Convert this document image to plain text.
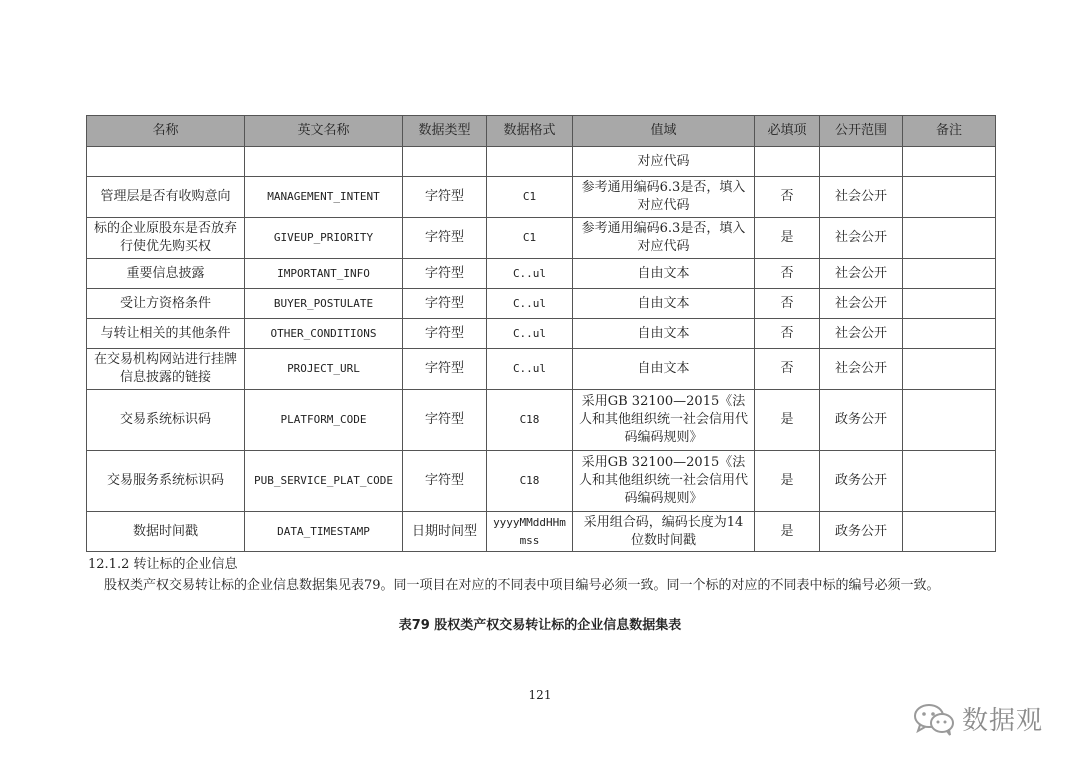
名称	英文名称	数据类型	数据格式	值域	必填项	公开范围	备注
				对应代码			
管理层是否有收购意向	MANAGEMENT_INTENT	字符型	C1	参考通用编码6.3是否，填入对应代码	否	社会公开	
标的企业原股东是否放弃行使优先购买权	GIVEUP_PRIORITY	字符型	C1	参考通用编码6.3是否，填入对应代码	是	社会公开	
重要信息披露	IMPORTANT_INFO	字符型	C..ul	自由文本	否	社会公开	
受让方资格条件	BUYER_POSTULATE	字符型	C..ul	自由文本	否	社会公开	
与转让相关的其他条件	OTHER_CONDITIONS	字符型	C..ul	自由文本	否	社会公开	
在交易机构网站进行挂牌信息披露的链接	PROJECT_URL	字符型	C..ul	自由文本	否	社会公开	
交易系统标识码	PLATFORM_CODE	字符型	C18	采用GB 32100—2015《法人和其他组织统一社会信用代码编码规则》	是	政务公开	
交易服务系统标识码	PUB_SERVICE_PLAT_CODE	字符型	C18	采用GB 32100—2015《法人和其他组织统一社会信用代码编码规则》	是	政务公开	
数据时间戳	DATA_TIMESTAMP	日期时间型	yyyyMMddHHmmss	采用组合码，编码长度为14位数时间戳	是	政务公开	
12.1.2 转让标的企业信息
股权类产权交易转让标的企业信息数据集见表79。同一项目在对应的不同表中项目编号必须一致。同一个标的对应的不同表中标的编号必须一致。
表79 股权类产权交易转让标的企业信息数据集表
121
数据观
